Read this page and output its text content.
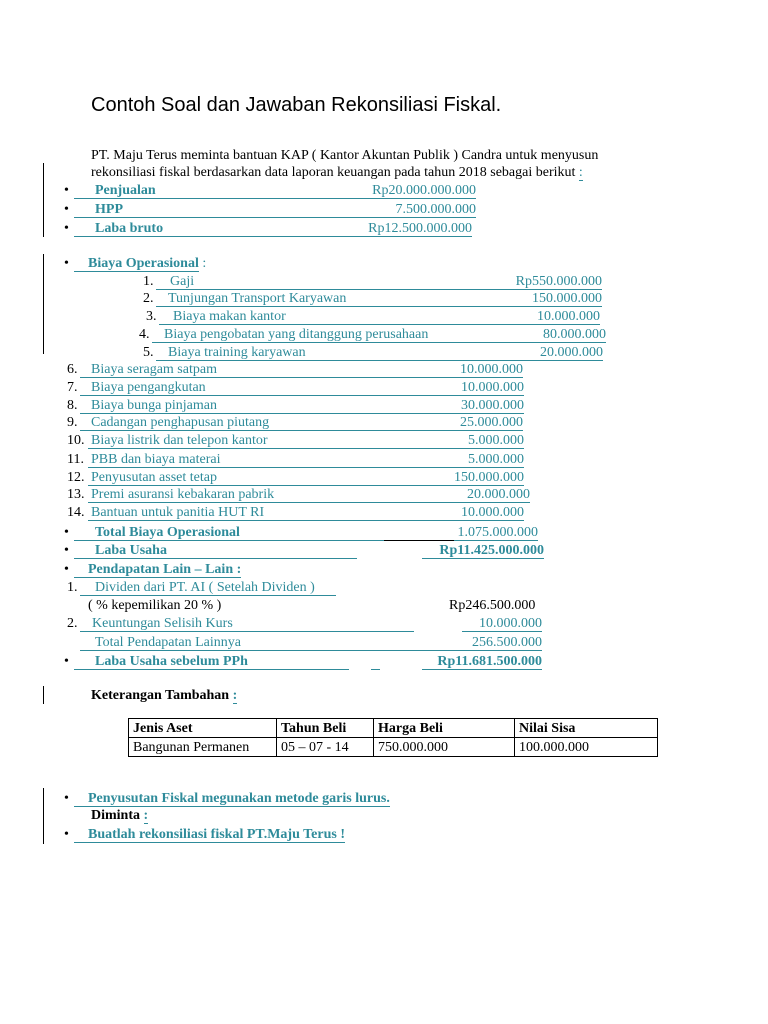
Contoh Soal dan Jawaban Rekonsiliasi Fiskal.
PT. Maju Terus meminta bantuan KAP ( Kantor Akuntan Publik ) Candra untuk menyusun
rekonsiliasi fiskal berdasarkan data laporan keuangan pada tahun 2018 sebagai berikut :
• Penjualan	Rp20.000.000.000
• HPP	7.500.000.000
• Laba bruto	Rp12.500.000.000
•	Biaya Operasional :
1. Gaji	Rp550.000.000
2. Tunjungan Transport Karyawan	150.000.000
3. Biaya makan kantor	10.000.000
4. Biaya pengobatan yang ditanggung perusahaan	80.000.000
5. Biaya training karyawan	20.000.000
6. Biaya seragam satpam	10.000.000
7. Biaya pengangkutan	10.000.000
8. Biaya bunga pinjaman	30.000.000
9. Cadangan penghapusan piutang	25.000.000
10. Biaya listrik dan telepon kantor	5.000.000
11. PBB dan biaya materai	5.000.000
12. Penyusutan asset tetap	150.000.000
13. Premi asuransi kebakaran pabrik	20.000.000
14. Bantuan untuk panitia HUT RI	10.000.000
• Total Biaya Operasional	1.075.000.000
• Laba Usaha	Rp11.425.000.000
•	Pendapatan Lain – Lain :
1. Dividen dari PT. AI ( Setelah Dividen )
( % kepemilikan 20 % )	Rp246.500.000
2. Keuntungan Selisih Kurs	10.000.000
Total Pendapatan Lainnya	256.500.000
• Laba Usaha sebelum PPh	Rp11.681.500.000
Keterangan Tambahan :
Jenis Aset	Tahun Beli	Harga Beli	Nilai Sisa
Bangunan Permanen	05 – 07 - 14	750.000.000	100.000.000
•	Penyusutan Fiskal megunakan metode garis lurus.
Diminta :
•	Buatlah rekonsiliasi fiskal PT.Maju Terus !
